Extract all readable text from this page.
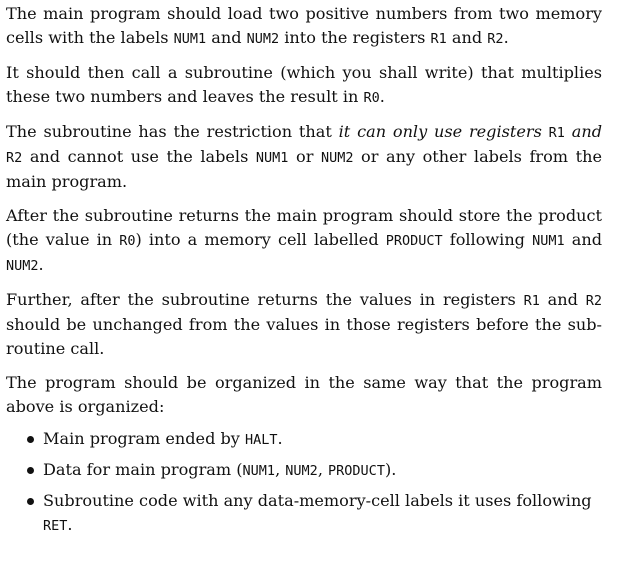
The main program should load two positive numbers from two memory cells with the labels NUM1 and NUM2 into the registers R1 and R2.

It should then call a subroutine (which you shall write) that multiplies these two numbers and leaves the result in R0.

The subroutine has the restriction that it can only use registers R1 and R2 and cannot use the labels NUM1 or NUM2 or any other labels from the main program.

After the subroutine returns the main program should store the product (the value in R0) into a memory cell labelled PRODUCT following NUM1 and NUM2.

Further, after the subroutine returns the values in registers R1 and R2 should be unchanged from the values in those registers before the sub-routine call.

The program should be organized in the same way that the program above is organized:

Main program ended by HALT.
Data for main program (NUM1, NUM2, PRODUCT).
Subroutine code with any data-memory-cell labels it uses following RET.
